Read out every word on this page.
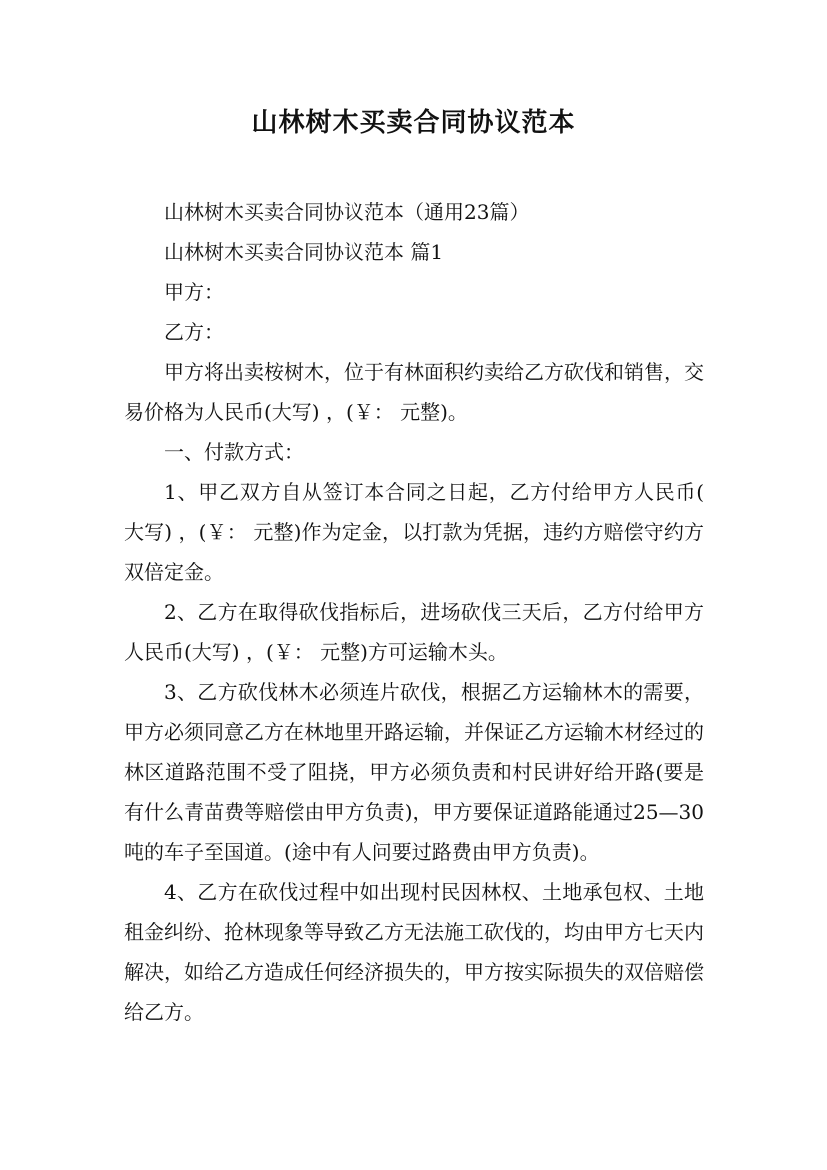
山林树木买卖合同协议范本

山林树木买卖合同协议范本（通用23篇）

山林树木买卖合同协议范本 篇1

甲方：

乙方：

甲方将出卖桉树木，位于有林面积约卖给乙方砍伐和销售，交易价格为人民币(大写) ，(￥： 元整)。

一、付款方式：

1、甲乙双方自从签订本合同之日起，乙方付给甲方人民币(大写) ，(￥： 元整)作为定金，以打款为凭据，违约方赔偿守约方双倍定金。

2、乙方在取得砍伐指标后，进场砍伐三天后，乙方付给甲方人民币(大写) ，(￥： 元整)方可运输木头。

3、乙方砍伐林木必须连片砍伐，根据乙方运输林木的需要，甲方必须同意乙方在林地里开路运输，并保证乙方运输木材经过的林区道路范围不受了阻挠，甲方必须负责和村民讲好给开路(要是有什么青苗费等赔偿由甲方负责)，甲方要保证道路能通过25—30吨的车子至国道。(途中有人问要过路费由甲方负责)。

4、乙方在砍伐过程中如出现村民因林权、土地承包权、土地租金纠纷、抢林现象等导致乙方无法施工砍伐的，均由甲方七天内解决，如给乙方造成任何经济损失的，甲方按实际损失的双倍赔偿给乙方。
